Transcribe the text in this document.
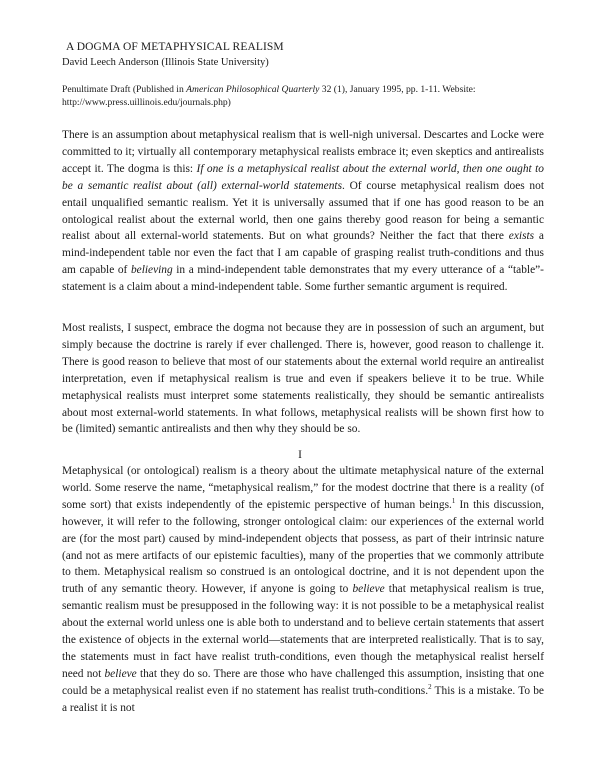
A DOGMA OF METAPHYSICAL REALISM
David Leech Anderson (Illinois State University)
Penultimate Draft (Published in American Philosophical Quarterly 32 (1), January 1995, pp. 1-11. Website: http://www.press.uillinois.edu/journals.php)
There is an assumption about metaphysical realism that is well-nigh universal. Descartes and Locke were committed to it; virtually all contemporary metaphysical realists embrace it; even skeptics and antirealists accept it. The dogma is this: If one is a metaphysical realist about the external world, then one ought to be a semantic realist about (all) external-world statements. Of course metaphysical realism does not entail unqualified semantic realism. Yet it is universally assumed that if one has good reason to be an ontological realist about the external world, then one gains thereby good reason for being a semantic realist about all external-world statements. But on what grounds? Neither the fact that there exists a mind-independent table nor even the fact that I am capable of grasping realist truth-conditions and thus am capable of believing in a mind-independent table demonstrates that my every utterance of a “table”-statement is a claim about a mind-independent table. Some further semantic argument is required.
Most realists, I suspect, embrace the dogma not because they are in possession of such an argument, but simply because the doctrine is rarely if ever challenged. There is, however, good reason to challenge it. There is good reason to believe that most of our statements about the external world require an antirealist interpretation, even if metaphysical realism is true and even if speakers believe it to be true. While metaphysical realists must interpret some statements realistically, they should be semantic antirealists about most external-world statements. In what follows, metaphysical realists will be shown first how to be (limited) semantic antirealists and then why they should be so.
I
Metaphysical (or ontological) realism is a theory about the ultimate metaphysical nature of the external world. Some reserve the name, “metaphysical realism,” for the modest doctrine that there is a reality (of some sort) that exists independently of the epistemic perspective of human beings.$^1$ In this discussion, however, it will refer to the following, stronger ontological claim: our experiences of the external world are (for the most part) caused by mind-independent objects that possess, as part of their intrinsic nature (and not as mere artifacts of our epistemic faculties), many of the properties that we commonly attribute to them. Metaphysical realism so construed is an ontological doctrine, and it is not dependent upon the truth of any semantic theory. However, if anyone is going to believe that metaphysical realism is true, semantic realism must be presupposed in the following way: it is not possible to be a metaphysical realist about the external world unless one is able both to understand and to believe certain statements that assert the existence of objects in the external world—statements that are interpreted realistically. That is to say, the statements must in fact have realist truth-conditions, even though the metaphysical realist herself need not believe that they do so. There are those who have challenged this assumption, insisting that one could be a metaphysical realist even if no statement has realist truth-conditions.$^2$ This is a mistake. To be a realist it is not
